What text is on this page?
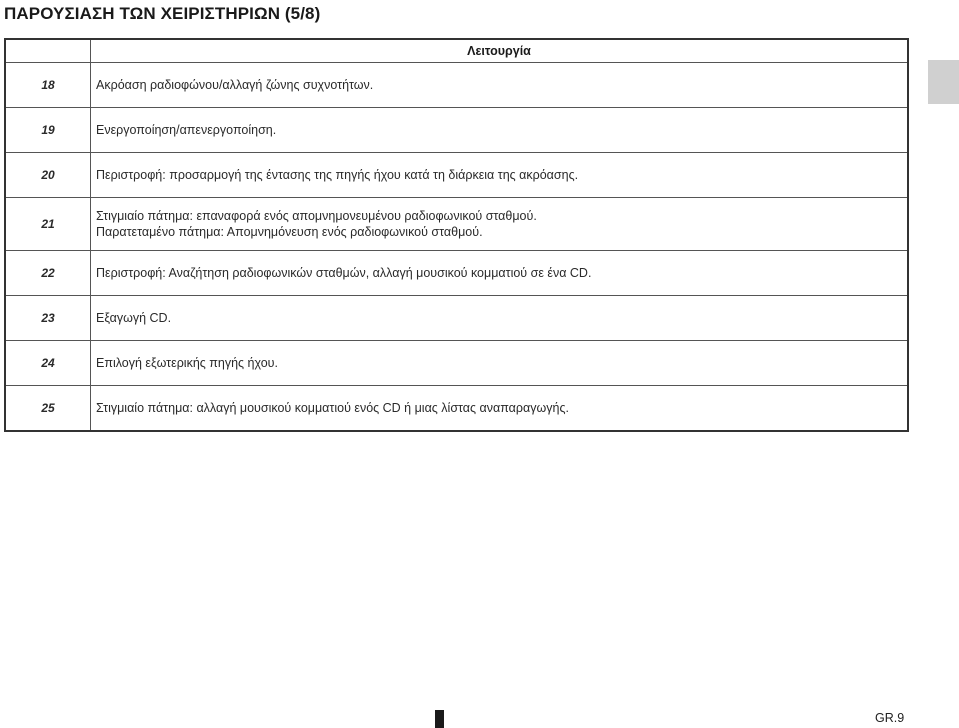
ΠΑΡΟΥΣΙΑΣΗ ΤΩΝ ΧΕΙΡΙΣΤΗΡΙΩΝ (5/8)
	Λειτουργία
18	Ακρόαση ραδιοφώνου/αλλαγή ζώνης συχνοτήτων.

19	Ενεργοποίηση/απενεργοποίηση.

20	Περιστροφή: προσαρμογή της έντασης της πηγής ήχου κατά τη διάρκεια της ακρόασης.

21	Στιγμιαίο πάτημα: επαναφορά ενός απομνημονευμένου ραδιοφωνικού σταθμού.
Παρατεταμένο πάτημα: Απομνημόνευση ενός ραδιοφωνικού σταθμού.

22	Περιστροφή: Αναζήτηση ραδιοφωνικών σταθμών, αλλαγή μουσικού κομματιού σε ένα CD.

23	Εξαγωγή CD.

24	Επιλογή εξωτερικής πηγής ήχου.

25	Στιγμιαίο πάτημα: αλλαγή μουσικού κομματιού ενός CD ή μιας λίστας αναπαραγωγής.
GR.9
